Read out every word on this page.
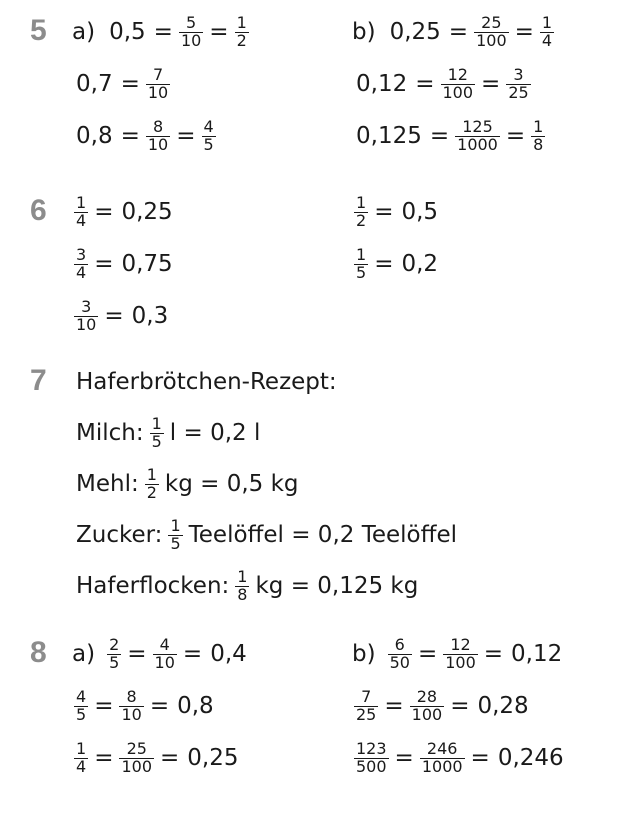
5 a) $0,5 = \frac{5}{10} = \frac{1}{2}$	b) $0,25 = \frac{25}{100} = \frac{1}{4}$
$0,7 = \frac{7}{10}$	$0,12 = \frac{12}{100} = \frac{3}{25}$
$0,8 = \frac{8}{10} = \frac{4}{5}$	$0,125 = \frac{125}{1000} = \frac{1}{8}$
$6 \frac{1}{4} = 0,25$	$\frac{1}{2} = 0,5$
$\frac{3}{4} = 0,75$	$\frac{1}{5} = 0,2$
$\frac{3}{10} = 0,3$
7 Haferbrötchen-Rezept:
Milch: $\frac{1}{5}$ l = 0,2 l
Mehl: $\frac{1}{2}$ kg = 0,5 kg
Zucker: $\frac{1}{5}$ Teelöffel = 0,2 Teelöffel
Haferflocken: $\frac{1}{8}$ kg = 0,125 kg
8 $a) \frac{2}{5} = \frac{4}{10} = 0,4$	$b) \frac{6}{50} = \frac{12}{100} = 0,12$
$\frac{4}{5} = \frac{8}{10} = 0,8$	$\frac{7}{25} = \frac{28}{100} = 0,28$
$\frac{1}{4} = \frac{25}{100} = 0,25$	$\frac{123}{500} = \frac{246}{1000} = 0,246$
